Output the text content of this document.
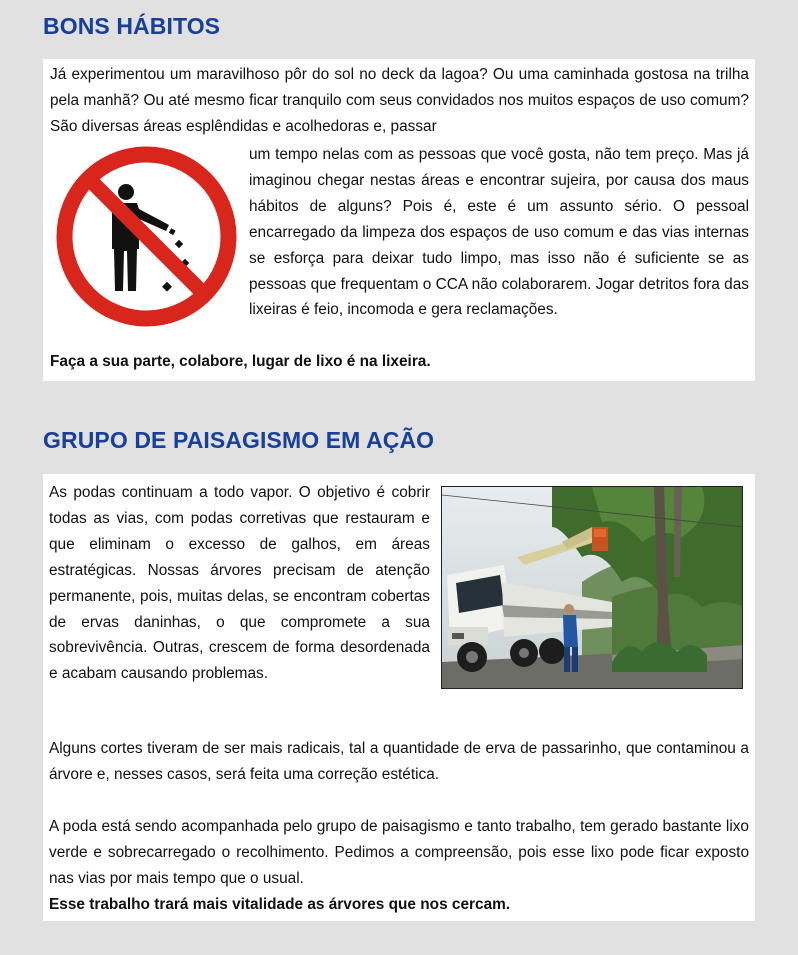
BONS HÁBITOS

Já experimentou um maravilhoso pôr do sol no deck da lagoa? Ou uma caminhada gostosa na trilha pela manhã? Ou até mesmo ficar tranquilo com seus convidados nos muitos espaços de uso comum? São diversas áreas esplêndidas e acolhedoras e, passar

um tempo nelas com as pessoas que você gosta, não tem preço. Mas já imaginou chegar nestas áreas e encontrar sujeira, por causa dos maus hábitos de alguns? Pois é, este é um assunto sério. O pessoal encarregado da limpeza dos espaços de uso comum e das vias internas se esforça para deixar tudo limpo, mas isso não é suficiente se as pessoas que frequentam o CCA não colaborarem. Jogar detritos fora das lixeiras é feio, incomoda e gera reclamações.

Faça a sua parte, colabore, lugar de lixo é na lixeira.

GRUPO DE PAISAGISMO EM AÇÃO

As podas continuam a todo vapor. O objetivo é cobrir todas as vias, com podas corretivas que restauram e que eliminam o excesso de galhos, em áreas estratégicas. Nossas árvores precisam de atenção permanente, pois, muitas delas, se encontram cobertas de ervas daninhas, o que compromete a sua sobrevivência. Outras, crescem de forma desordenada e acabam causando problemas.

Alguns cortes tiveram de ser mais radicais, tal a quantidade de erva de passarinho, que contaminou a árvore e, nesses casos, será feita uma correção estética.

A poda está sendo acompanhada pelo grupo de paisagismo e tanto trabalho, tem gerado bastante lixo verde e sobrecarregado o recolhimento. Pedimos a compreensão, pois esse lixo pode ficar exposto nas vias por mais tempo que o usual.

Esse trabalho trará mais vitalidade as árvores que nos cercam.
